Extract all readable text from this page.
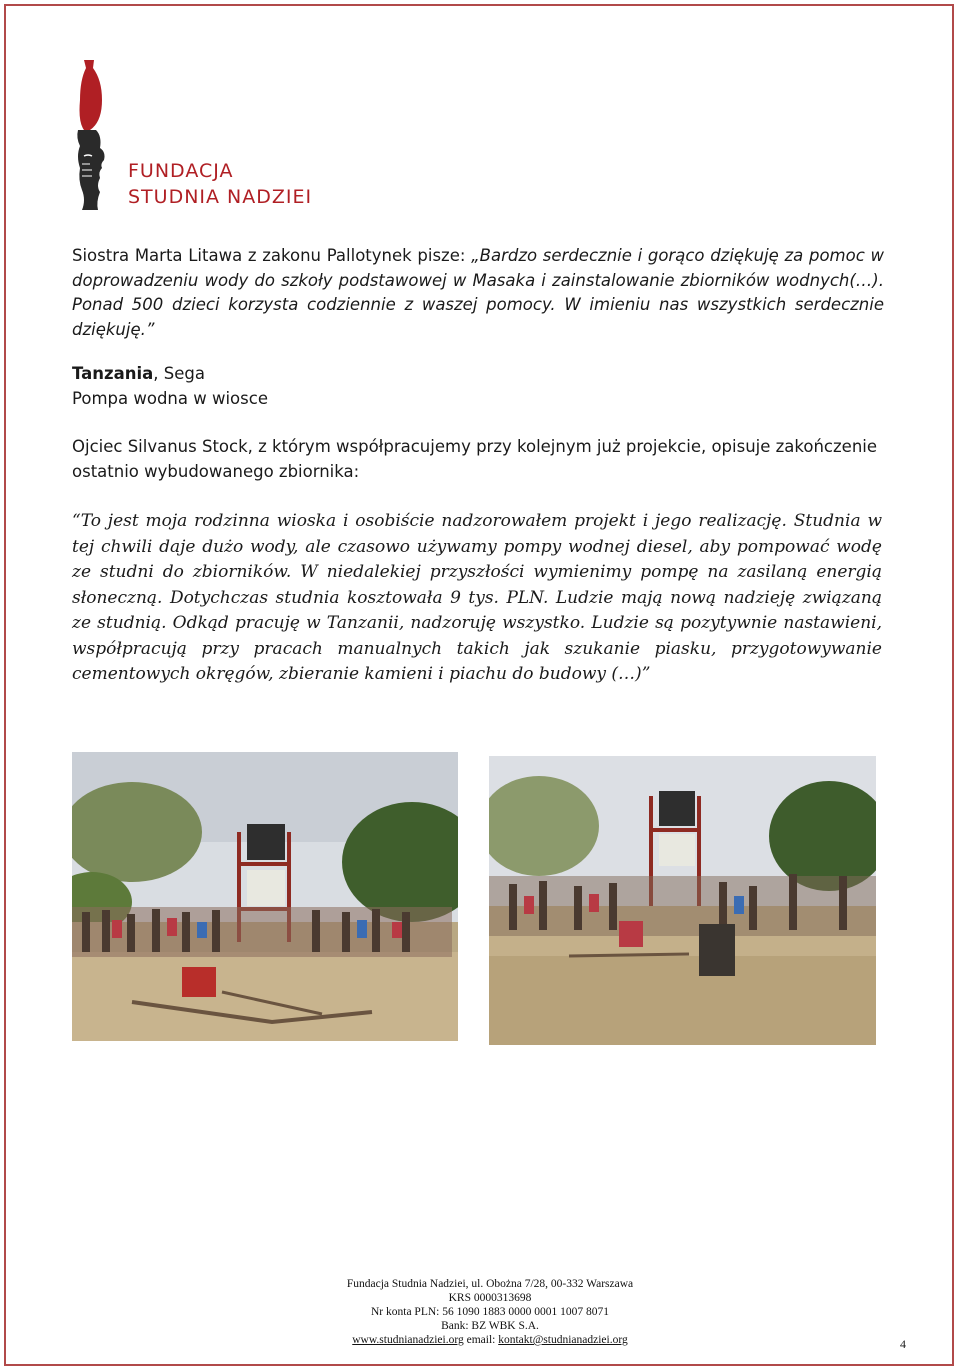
FUNDACJA
STUDNIA NADZIEI
Siostra Marta Litawa z zakonu Pallotynek pisze: „Bardzo serdecznie i gorąco dziękuję za pomoc w doprowadzeniu wody do szkoły podstawowej w Masaka i zainstalowanie zbiorników wodnych(…). Ponad 500 dzieci korzysta codziennie z waszej pomocy. W imieniu nas wszystkich serdecznie dziękuję.”
Tanzania, Sega
Pompa wodna w wiosce
Ojciec Silvanus Stock, z którym współpracujemy przy kolejnym już projekcie, opisuje zakończenie ostatnio wybudowanego zbiornika:
“To jest moja rodzinna wioska i osobiście nadzorowałem projekt i jego realizację. Studnia w tej chwili daje dużo wody, ale czasowo używamy pompy wodnej diesel, aby pompować wodę ze studni do zbiorników. W niedalekiej przyszłości wymienimy pompę na zasilaną energią słoneczną. Dotychczas studnia kosztowała 9 tys. PLN. Ludzie mają nową nadzieję związaną ze studnią. Odkąd pracuję w Tanzanii, nadzoruję wszystko. Ludzie są pozytywnie nastawieni, współpracują przy pracach manualnych takich jak szukanie piasku, przygotowywanie cementowych okręgów, zbieranie kamieni i piachu do budowy (…)”
Fundacja Studnia Nadziei, ul. Obożna 7/28, 00-332 Warszawa
KRS 0000313698
Nr konta PLN: 56 1090 1883 0000 0001 1007 8071
Bank: BZ WBK S.A.
www.studnianadziei.org email: kontakt@studnianadziei.org	4
